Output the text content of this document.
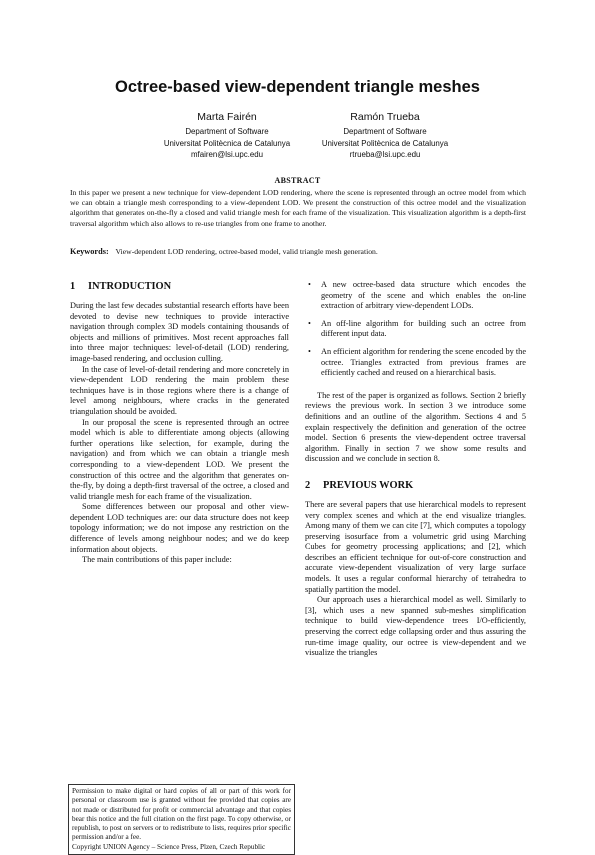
Octree-based view-dependent triangle meshes
Marta Fairén
Department of Software
Universitat Politècnica de Catalunya
mfairen@lsi.upc.edu
Ramón Trueba
Department of Software
Universitat Politècnica de Catalunya
rtrueba@lsi.upc.edu
ABSTRACT

In this paper we present a new technique for view-dependent LOD rendering, where the scene is represented through an octree model from which we can obtain a triangle mesh corresponding to a view-dependent LOD. We present the construction of this octree model and the visualization algorithm that generates on-the-fly a closed and valid triangle mesh for each frame of the visualization. This visualization algorithm is a depth-first traversal algorithm which also allows to re-use triangles from one frame to another.

Keywords: View-dependent LOD rendering, octree-based model, valid triangle mesh generation.

1 INTRODUCTION

During the last few decades substantial research efforts have been devoted to devise new techniques to provide interactive navigation through complex 3D models containing thousands of objects and millions of primitives. Most recent approaches fall into three major techniques: level-of-detail (LOD) rendering, image-based rendering, and occlusion culling.

In the case of level-of-detail rendering and more concretely in view-dependent LOD rendering the main problem these techniques have is in those regions where there is a change of level among neighbours, where cracks in the generated triangulation should be avoided.

In our proposal the scene is represented through an octree model which is able to differentiate among objects (allowing further operations like selection, for example, during the navigation) and from which we can obtain a triangle mesh corresponding to a view-dependent LOD. We present the construction of this octree and the algorithm that generates on-the-fly, by doing a depth-first traversal of the octree, a closed and valid triangle mesh for each frame of the visualization.

Some differences between our proposal and other view-dependent LOD techniques are: our data structure does not keep topology information; we do not impose any restriction on the difference of levels among neighbour nodes; and we do keep information about objects.

The main contributions of this paper include:

Permission to make digital or hard copies of all or part of this work for personal or classroom use is granted without fee provided that copies are not made or distributed for profit or commercial advantage and that copies bear this notice and the full citation on the first page. To copy otherwise, or republish, to post on servers or to redistribute to lists, requires prior specific permission and/or a fee.

Copyright UNION Agency – Science Press, Plzen, Czech Republic

• A new octree-based data structure which encodes the geometry of the scene and which enables the on-line extraction of arbitrary view-dependent LODs.
• An off-line algorithm for building such an octree from different input data.
• An efficient algorithm for rendering the scene encoded by the octree. Triangles extracted from previous frames are efficiently cached and reused on a hierarchical basis.

The rest of the paper is organized as follows. Section 2 briefly reviews the previous work. In section 3 we introduce some definitions and an outline of the algorithm. Sections 4 and 5 explain respectively the definition and generation of the octree model. Section 6 presents the view-dependent octree traversal algorithm. Finally in section 7 we show some results and discussion and we conclude in section 8.

2 PREVIOUS WORK

There are several papers that use hierarchical models to represent very complex scenes and which at the end visualize triangles. Among many of them we can cite [7], which computes a topology preserving isosurface from a volumetric grid using Marching Cubes for geometry processing applications; and [2], which describes an efficient technique for out-of-core construction and accurate view-dependent visualization of very large surface models. It uses a regular conformal hierarchy of tetrahedra to spatially partition the model.

Our approach uses a hierarchical model as well. Similarly to [3], which uses a new spanned sub-meshes simplification technique to build view-dependence trees I/O-efficiently, preserving the correct edge collapsing order and thus assuring the run-time image quality, our octree is view-dependent and we visualize the triangles
